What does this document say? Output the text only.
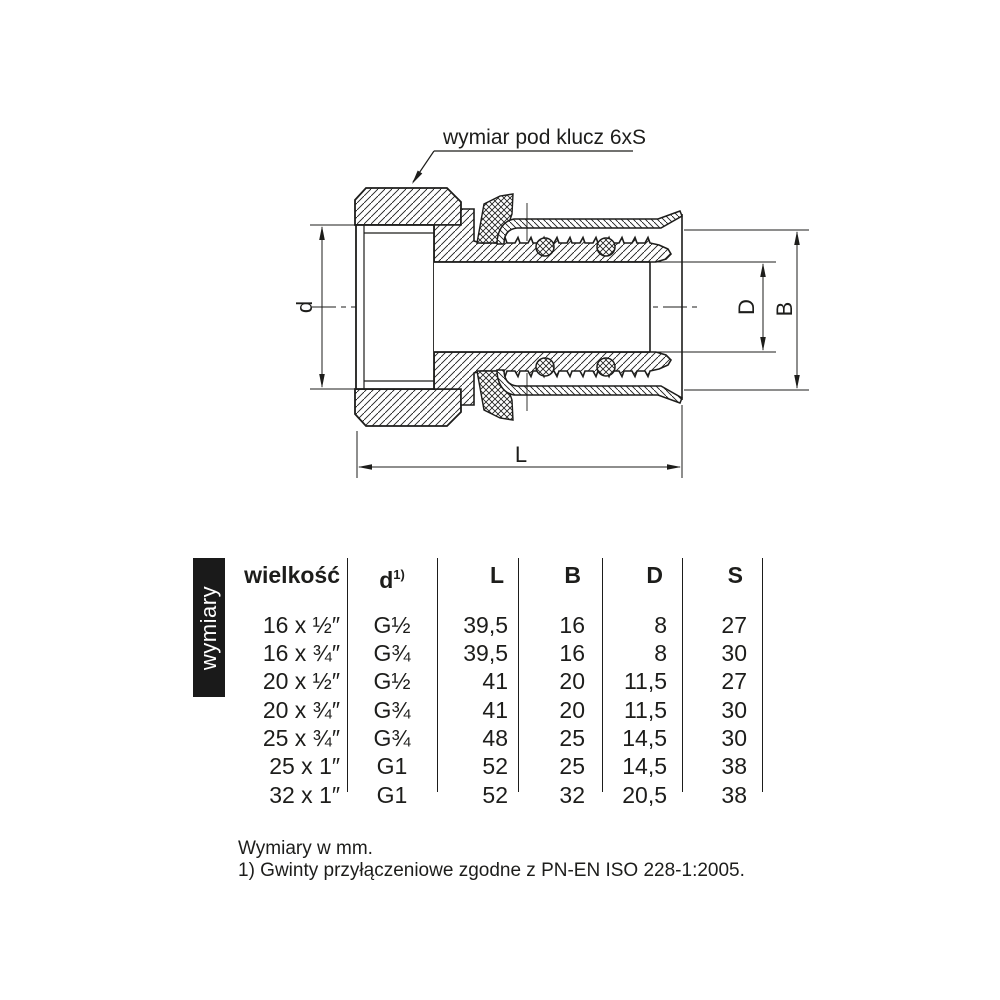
d	D B
L
wymiar pod klucz 6xS
wymiary
wielkość	$d^{1)}$	L	B	D	S
16 x ½″	G½	39,5	16	8	27
16 x ¾″	G¾	39,5	16	8	30
20 x ½″	G½	41	20	11,5	27
20 x ¾″	G¾	41	20	11,5	30
25 x ¾″	G¾	48	25	14,5	30
25 x 1″	G1	52	25	14,5	38
32 x 1″	G1	52	32	20,5	38
Wymiary w mm.
1) Gwinty przyłączeniowe zgodne z PN-EN ISO 228-1:2005.
